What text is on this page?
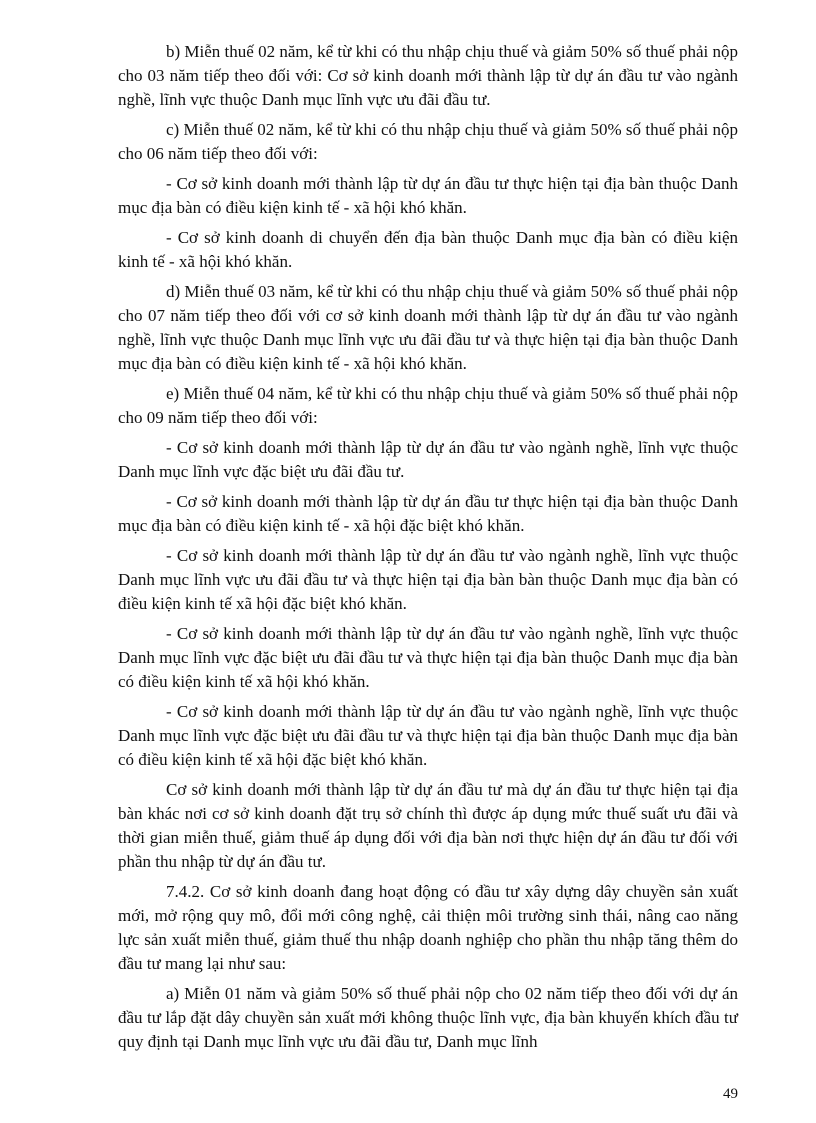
b) Miễn thuế 02 năm, kể từ khi có thu nhập chịu thuế và giảm 50% số thuế phải nộp cho 03 năm tiếp theo đối với: Cơ sở kinh doanh mới thành lập từ dự án đầu tư vào ngành nghề, lĩnh vực thuộc Danh mục lĩnh vực ưu đãi đầu tư.

c) Miễn thuế 02 năm, kể từ khi có thu nhập chịu thuế và giảm 50% số thuế phải nộp cho 06 năm tiếp theo đối với:

- Cơ sở kinh doanh mới thành lập từ dự án đầu tư thực hiện tại địa bàn thuộc Danh mục địa bàn có điều kiện kinh tế - xã hội khó khăn.

- Cơ sở kinh doanh di chuyển đến địa bàn thuộc Danh mục địa bàn có điều kiện kinh tế - xã hội khó khăn.

d) Miễn thuế 03 năm, kể từ khi có thu nhập chịu thuế và giảm 50% số thuế phải nộp cho 07 năm tiếp theo đối với cơ sở kinh doanh mới thành lập từ dự án đầu tư vào ngành nghề, lĩnh vực thuộc Danh mục lĩnh vực ưu đãi đầu tư và thực hiện tại địa bàn thuộc Danh mục địa bàn có điều kiện kinh tế - xã hội khó khăn.

e) Miễn thuế 04 năm, kể từ khi có thu nhập chịu thuế và giảm 50% số thuế phải nộp cho 09 năm tiếp theo đối với:

- Cơ sở kinh doanh mới thành lập từ dự án đầu tư vào ngành nghề, lĩnh vực thuộc Danh mục lĩnh vực đặc biệt ưu đãi đầu tư.

- Cơ sở kinh doanh mới thành lập từ dự án đầu tư thực hiện tại địa bàn thuộc Danh mục địa bàn có điều kiện kinh tế - xã hội đặc biệt khó khăn.

- Cơ sở kinh doanh mới thành lập từ dự án đầu tư vào ngành nghề, lĩnh vực thuộc Danh mục lĩnh vực ưu đãi đầu tư và thực hiện tại địa bàn bàn thuộc Danh mục địa bàn có điều kiện kinh tế xã hội đặc biệt khó khăn.

- Cơ sở kinh doanh mới thành lập từ dự án đầu tư vào ngành nghề, lĩnh vực thuộc Danh mục lĩnh vực đặc biệt ưu đãi đầu tư và thực hiện tại địa bàn thuộc Danh mục địa bàn có điều kiện kinh tế xã hội khó khăn.

- Cơ sở kinh doanh mới thành lập từ dự án đầu tư vào ngành nghề, lĩnh vực thuộc Danh mục lĩnh vực đặc biệt ưu đãi đầu tư và thực hiện tại địa bàn thuộc Danh mục địa bàn có điều kiện kinh tế xã hội đặc biệt khó khăn.

Cơ sở kinh doanh mới thành lập từ dự án đầu tư mà dự án đầu tư thực hiện tại địa bàn khác nơi cơ sở kinh doanh đặt trụ sở chính thì được áp dụng mức thuế suất ưu đãi và thời gian miễn thuế, giảm thuế áp dụng đối với địa bàn nơi thực hiện dự án đầu tư đối với phần thu nhập từ dự án đầu tư.

7.4.2. Cơ sở kinh doanh đang hoạt động có đầu tư xây dựng dây chuyền sản xuất mới, mở rộng quy mô, đổi mới công nghệ, cải thiện môi trường sinh thái, nâng cao năng lực sản xuất miễn thuế, giảm thuế thu nhập doanh nghiệp cho phần thu nhập tăng thêm do đầu tư mang lại như sau:

a) Miễn 01 năm và giảm 50% số thuế phải nộp cho 02 năm tiếp theo đối với dự án đầu tư lắp đặt dây chuyền sản xuất mới không thuộc lĩnh vực, địa bàn khuyến khích đầu tư quy định tại Danh mục lĩnh vực ưu đãi đầu tư, Danh mục lĩnh

49
